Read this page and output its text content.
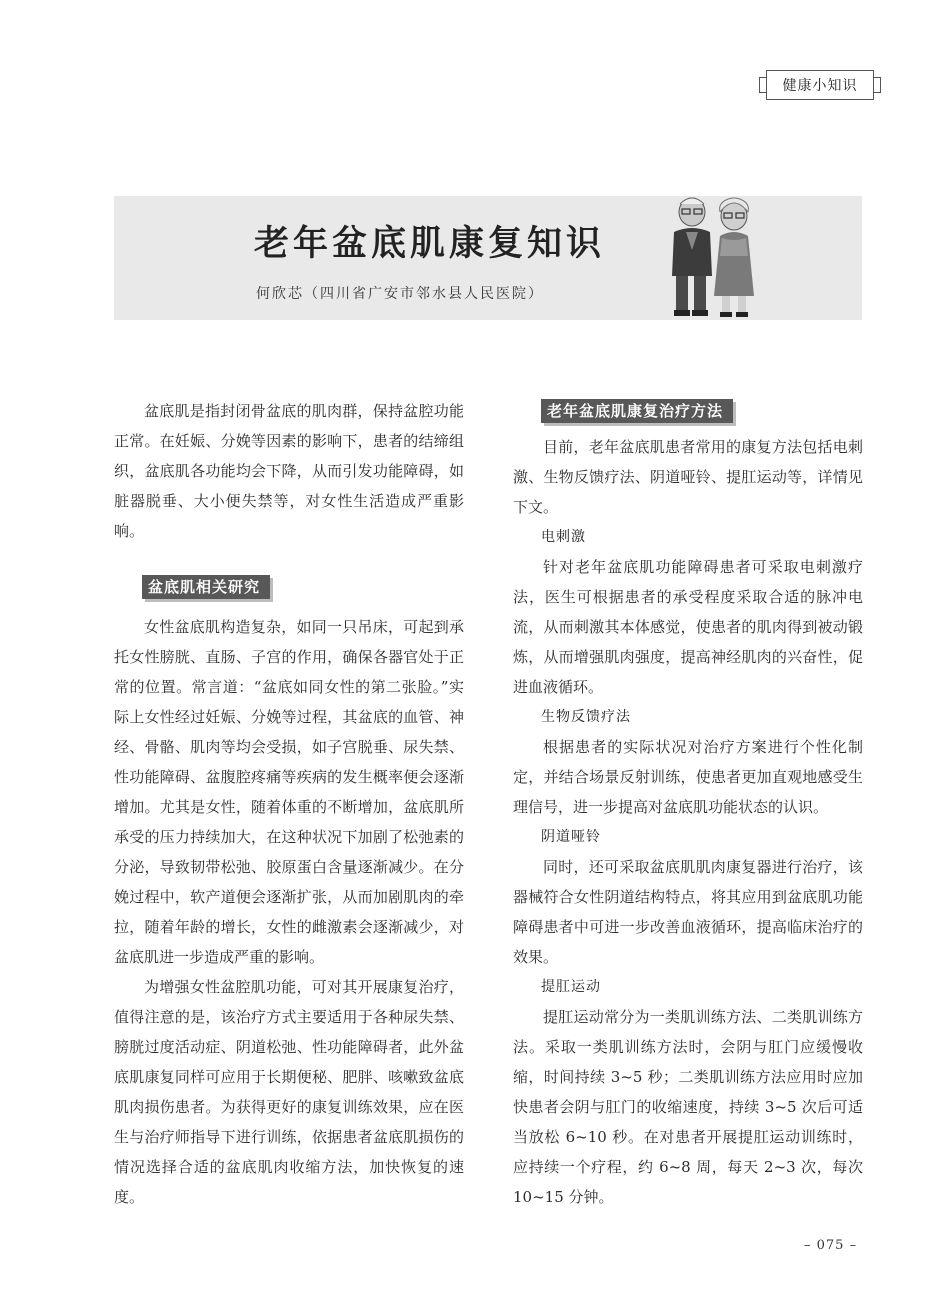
健康小知识
老年盆底肌康复知识
何欣芯（四川省广安市邻水县人民医院）

盆底肌是指封闭骨盆底的肌肉群，保持盆腔功能正常。在妊娠、分娩等因素的影响下，患者的结缔组织，盆底肌各功能均会下降，从而引发功能障碍，如脏器脱垂、大小便失禁等，对女性生活造成严重影响。

盆底肌相关研究

女性盆底肌构造复杂，如同一只吊床，可起到承托女性膀胱、直肠、子宫的作用，确保各器官处于正常的位置。常言道：“盆底如同女性的第二张脸。”实际上女性经过妊娠、分娩等过程，其盆底的血管、神经、骨骼、肌肉等均会受损，如子宫脱垂、尿失禁、性功能障碍、盆腹腔疼痛等疾病的发生概率便会逐渐增加。尤其是女性，随着体重的不断增加，盆底肌所承受的压力持续加大，在这种状况下加剧了松弛素的分泌，导致韧带松弛、胶原蛋白含量逐渐减少。在分娩过程中，软产道便会逐渐扩张，从而加剧肌肉的牵拉，随着年龄的增长，女性的雌激素会逐渐减少，对盆底肌进一步造成严重的影响。

为增强女性盆腔肌功能，可对其开展康复治疗，值得注意的是，该治疗方式主要适用于各种尿失禁、膀胱过度活动症、阴道松弛、性功能障碍者，此外盆底肌康复同样可应用于长期便秘、肥胖、咳嗽致盆底肌肉损伤患者。为获得更好的康复训练效果，应在医生与治疗师指导下进行训练，依据患者盆底肌损伤的情况选择合适的盆底肌肉收缩方法，加快恢复的速度。

老年盆底肌康复治疗方法

目前，老年盆底肌患者常用的康复方法包括电刺激、生物反馈疗法、阴道哑铃、提肛运动等，详情见下文。

电刺激

针对老年盆底肌功能障碍患者可采取电刺激疗法，医生可根据患者的承受程度采取合适的脉冲电流，从而刺激其本体感觉，使患者的肌肉得到被动锻炼，从而增强肌肉强度，提高神经肌肉的兴奋性，促进血液循环。

生物反馈疗法

根据患者的实际状况对治疗方案进行个性化制定，并结合场景反射训练，使患者更加直观地感受生理信号，进一步提高对盆底肌功能状态的认识。

阴道哑铃

同时，还可采取盆底肌肌肉康复器进行治疗，该器械符合女性阴道结构特点，将其应用到盆底肌功能障碍患者中可进一步改善血液循环，提高临床治疗的效果。

提肛运动

提肛运动常分为一类肌训练方法、二类肌训练方法。采取一类肌训练方法时，会阴与肛门应缓慢收缩，时间持续 3~5 秒；二类肌训练方法应用时应加快患者会阴与肛门的收缩速度，持续 3~5 次后可适当放松 6~10 秒。在对患者开展提肛运动训练时，应持续一个疗程，约 6~8 周，每天 2~3 次，每次 10~15 分钟。

– 075 –
